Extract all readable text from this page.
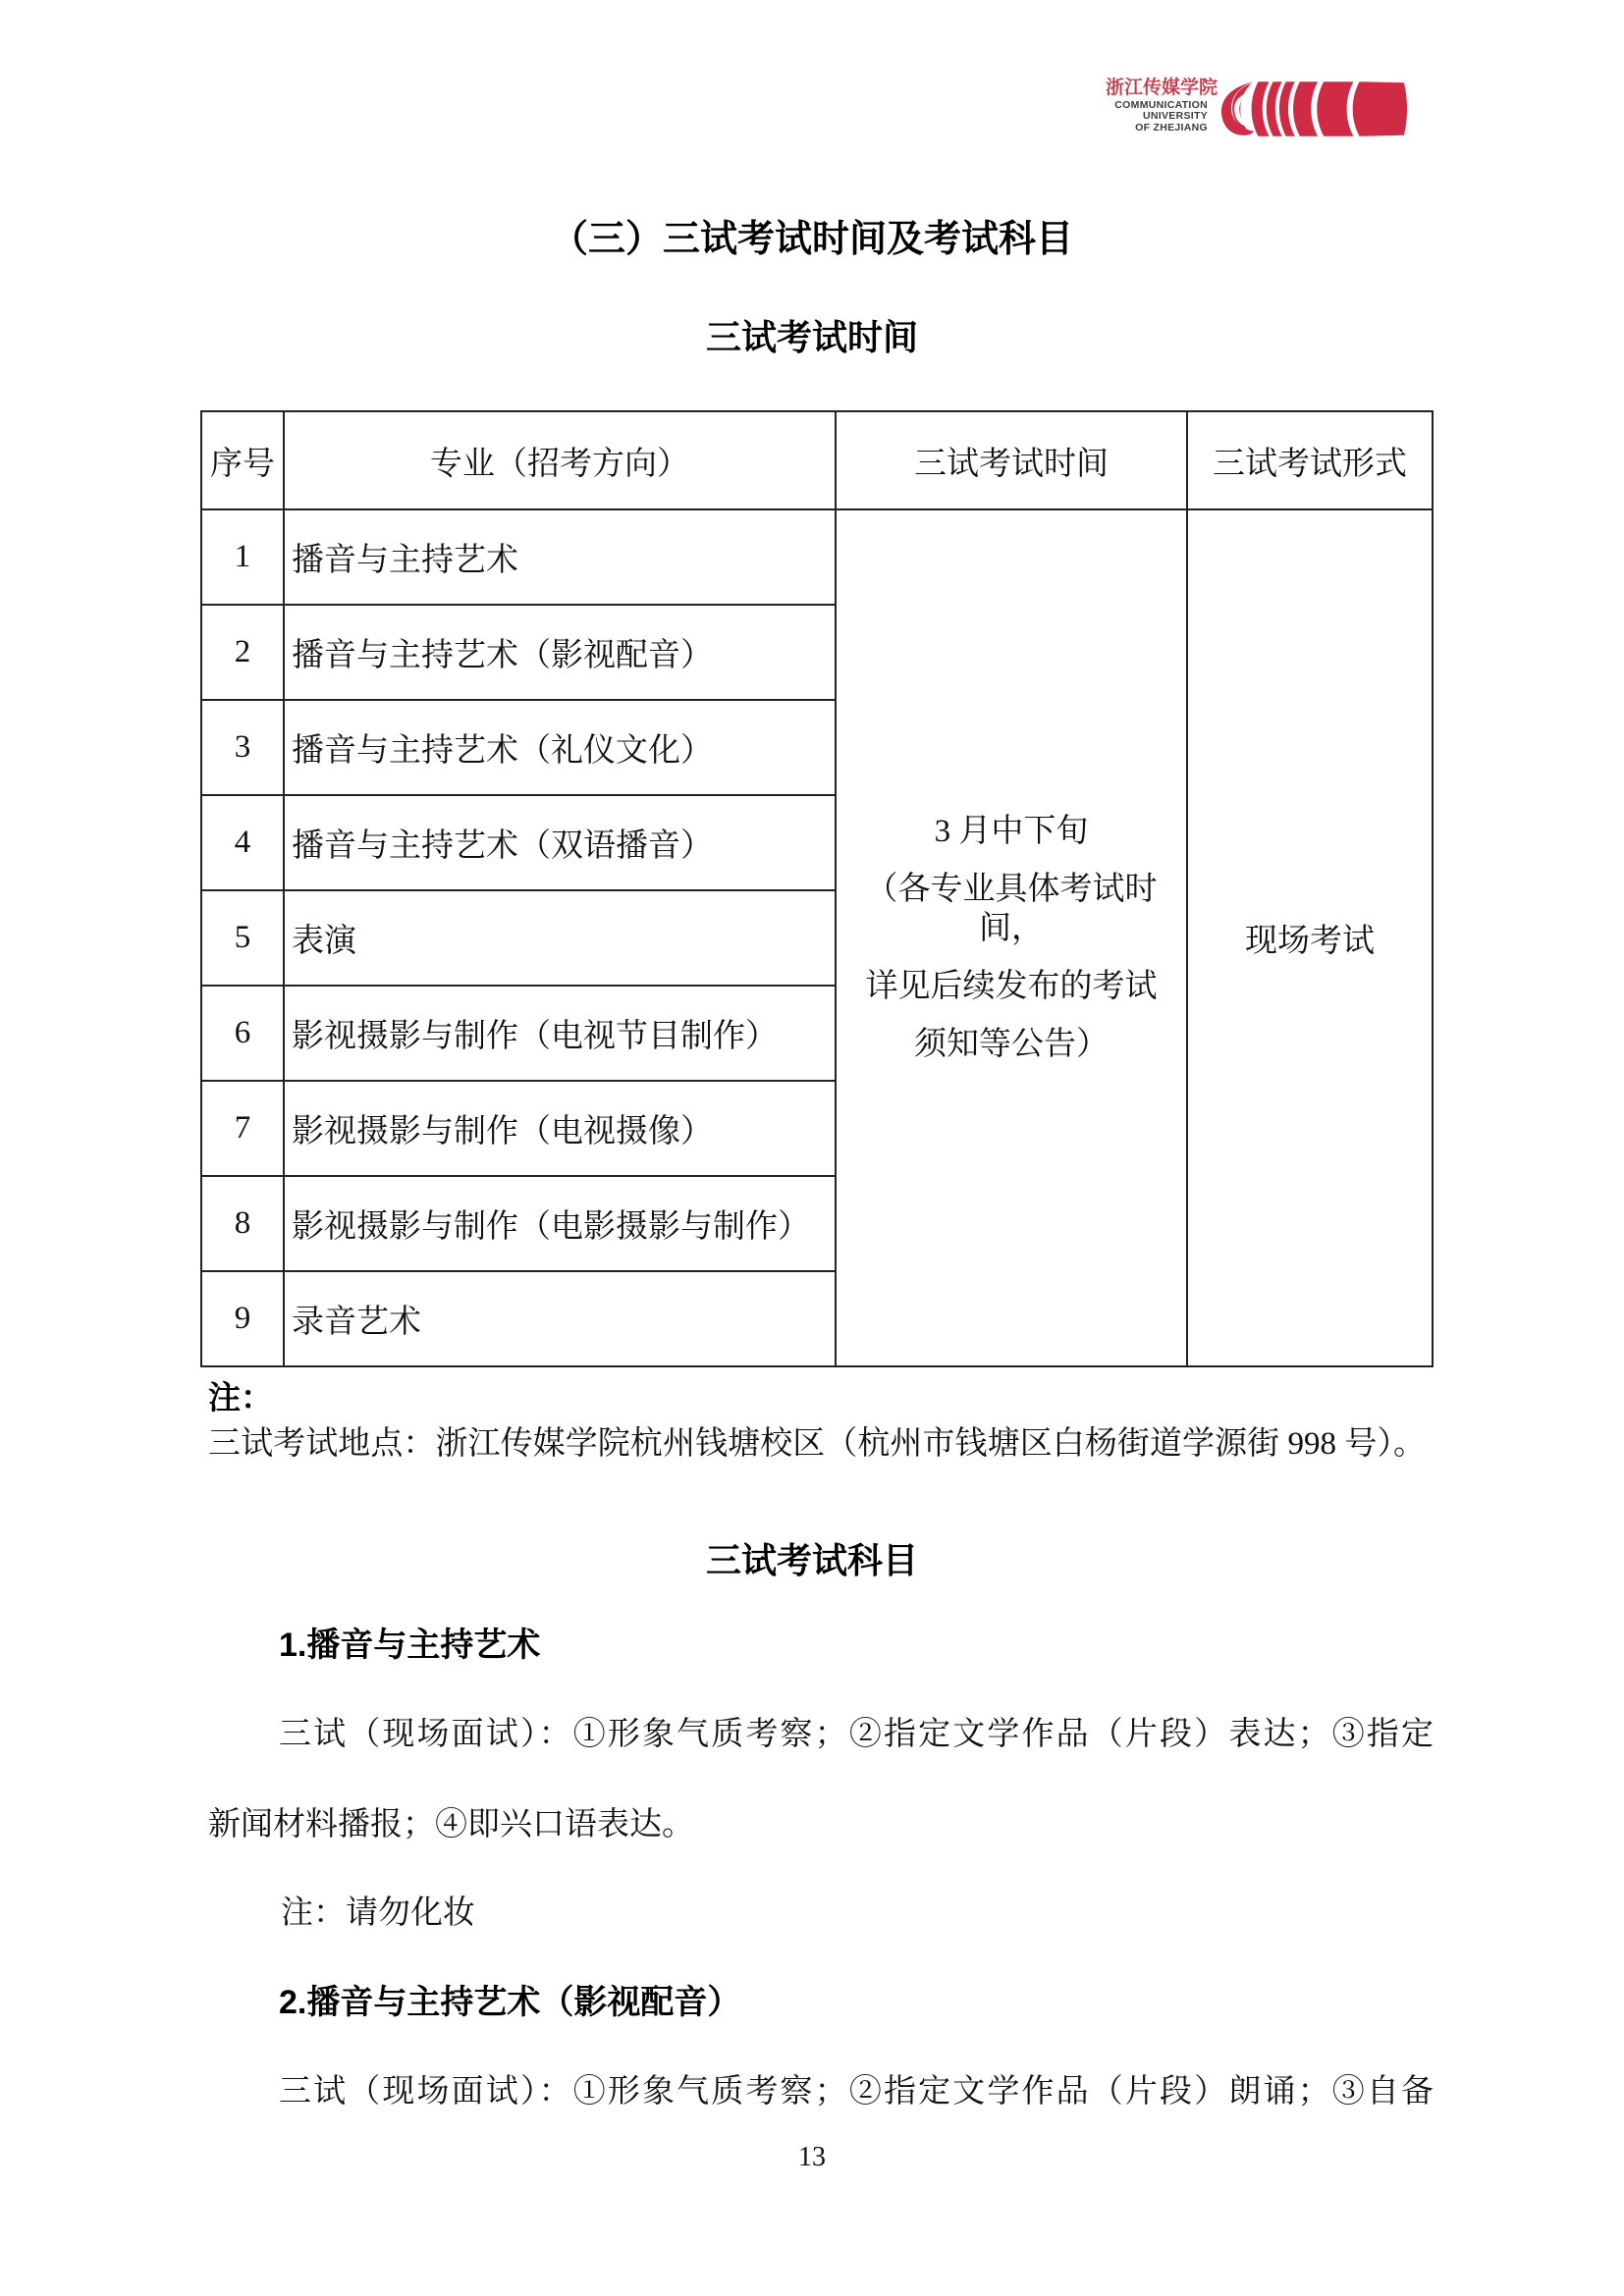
浙江传媒学院
COMMUNICATION
UNIVERSITY
OF ZHEJIANG
（三）三试考试时间及考试科目
三试考试时间
序号	专业（招考方向）	三试考试时间	三试考试形式
1	播音与主持艺术	3 月中下旬
（各专业具体考试时间，
详见后续发布的考试
须知等公告）	现场考试
2	播音与主持艺术（影视配音）		
3	播音与主持艺术（礼仪文化）		
4	播音与主持艺术（双语播音）		
5	表演		
6	影视摄影与制作（电视节目制作）		
7	影视摄影与制作（电视摄像）		
8	影视摄影与制作（电影摄影与制作）		
9	录音艺术		
注：
三试考试地点：浙江传媒学院杭州钱塘校区（杭州市钱塘区白杨街道学源街 998 号）。
三试考试科目
1.播音与主持艺术
三试（现场面试）：①形象气质考察；②指定文学作品（片段）表达；③指定
新闻材料播报；④即兴口语表达。
注：请勿化妆
2.播音与主持艺术（影视配音）
三试（现场面试）：①形象气质考察；②指定文学作品（片段）朗诵；③自备
13
